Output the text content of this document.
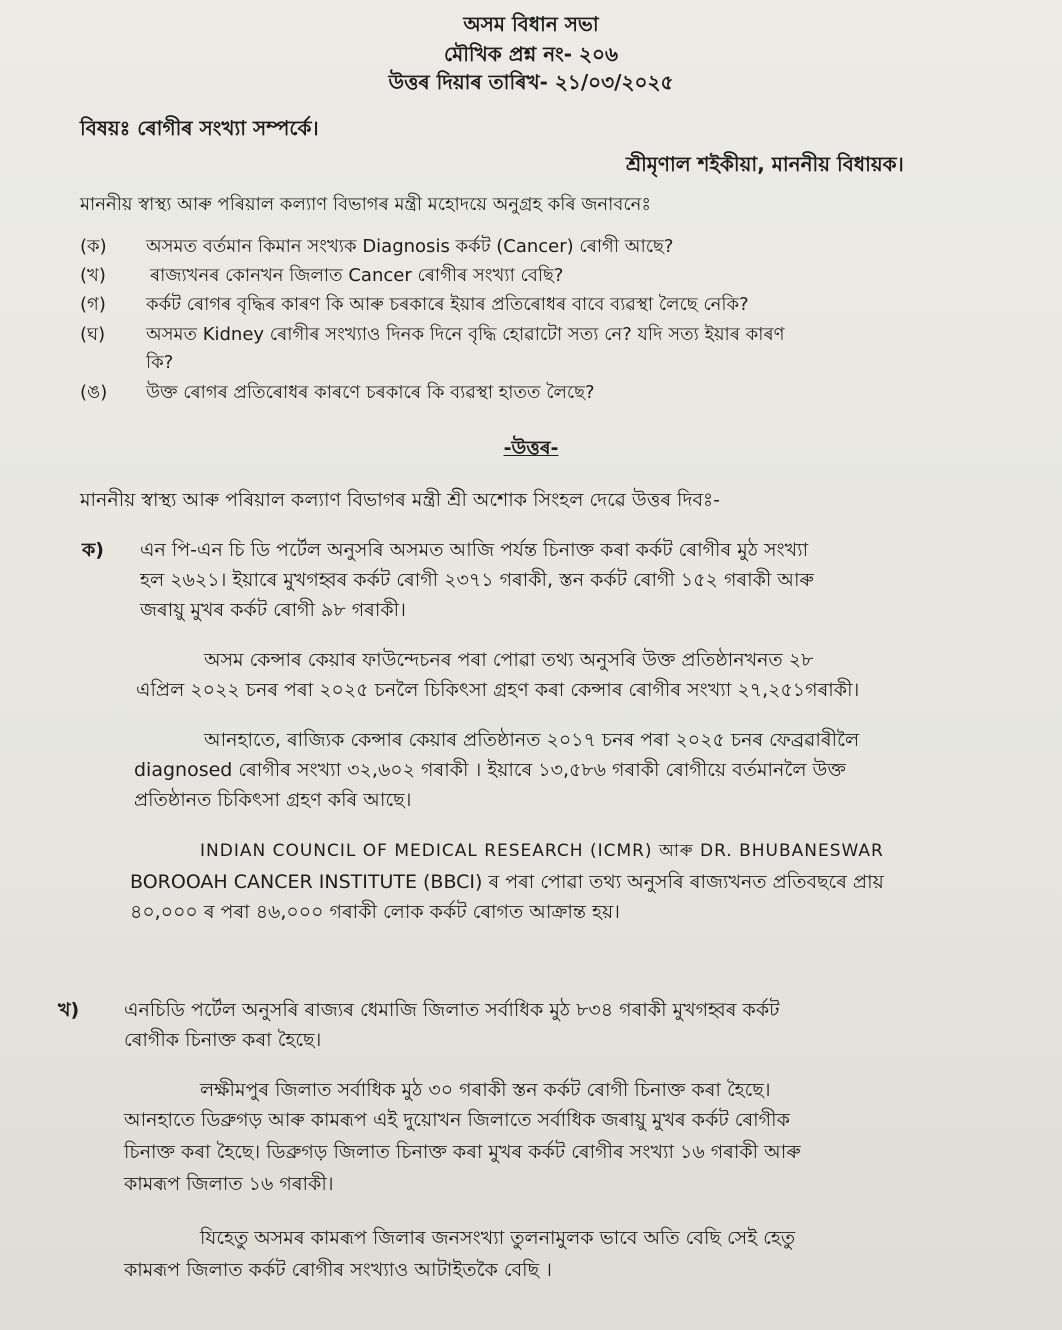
অসম বিধান সভা
মৌখিক প্ৰশ্ন নং- ২০৬
উত্তৰ দিয়াৰ তাৰিখ- ২১/০৩/২০২৫
বিষয়ঃ ৰোগীৰ সংখ্যা সম্পৰ্কে।
শ্ৰীমৃণাল শইকীয়া, মাননীয় বিধায়ক।
মাননীয় স্বাস্থ্য আৰু পৰিয়াল কল্যাণ বিভাগৰ মন্ত্ৰী মহোদয়ে অনুগ্ৰহ কৰি জনাবনেঃ
(ক) অসমত বৰ্তমান কিমান সংখ্যক Diagnosis কৰ্কট (Cancer) ৰোগী আছে?
(খ) ৰাজ্যখনৰ কোনখন জিলাত Cancer ৰোগীৰ সংখ্যা বেছি?
(গ) কৰ্কট ৰোগৰ বৃদ্ধিৰ কাৰণ কি আৰু চৰকাৰে ইয়াৰ প্ৰতিৰোধৰ বাবে ব্যৱস্থা লৈছে নেকি?
(ঘ) অসমত Kidney ৰোগীৰ সংখ্যাও দিনক দিনে বৃদ্ধি হোৱাটো সত্য নে? যদি সত্য ইয়াৰ কাৰণ
কি?
(ঙ) উক্ত ৰোগৰ প্ৰতিৰোধৰ কাৰণে চৰকাৰে কি ব্যৱস্থা হাতত লৈছে?
-উত্তৰ-
মাননীয় স্বাস্থ্য আৰু পৰিয়াল কল্যাণ বিভাগৰ মন্ত্ৰী শ্ৰী অশোক সিংহল দেৱে উত্তৰ দিবঃ-
ক) এন পি-এন চি ডি পৰ্টেল অনুসৰি অসমত আজি পৰ্যন্ত চিনাক্ত কৰা কৰ্কট ৰোগীৰ মুঠ সংখ্যা
হল ২৬২১। ইয়াৰে মুখগহ্বৰ কৰ্কট ৰোগী ২৩৭১ গৰাকী, স্তন কৰ্কট ৰোগী ১৫২ গৰাকী আৰু
জৰায়ু মুখৰ কৰ্কট ৰোগী ৯৮ গৰাকী।
অসম কেন্সাৰ কেয়াৰ ফাউন্দেচনৰ পৰা পোৱা তথ্য অনুসৰি উক্ত প্ৰতিষ্ঠানখনত ২৮
এপ্ৰিল ২০২২ চনৰ পৰা ২০২৫ চনলৈ চিকিৎসা গ্ৰহণ কৰা কেন্সাৰ ৰোগীৰ সংখ্যা ২৭,২৫১গৰাকী।
আনহাতে, ৰাজ্যিক কেন্সাৰ কেয়াৰ প্ৰতিষ্ঠানত ২০১৭ চনৰ পৰা ২০২৫ চনৰ ফেব্ৰৱাৰীলৈ
diagnosed ৰোগীৰ সংখ্যা ৩২,৬০২ গৰাকী । ইয়াৰে ১৩,৫৮৬ গৰাকী ৰোগীয়ে বৰ্তমানলৈ উক্ত
প্ৰতিষ্ঠানত চিকিৎসা গ্ৰহণ কৰি আছে।
INDIAN COUNCIL OF MEDICAL RESEARCH (ICMR) আৰু DR. BHUBANESWAR
BOROOAH CANCER INSTITUTE (BBCI) ৰ পৰা পোৱা তথ্য অনুসৰি ৰাজ্যখনত প্ৰতিবছৰে প্ৰায়
৪০,০০০ ৰ পৰা ৪৬,০০০ গৰাকী লোক কৰ্কট ৰোগত আক্ৰান্ত হয়।
খ) এনচিডি পৰ্টেল অনুসৰি ৰাজ্যৰ ধেমাজি জিলাত সৰ্বাধিক মুঠ ৮৩৪ গৰাকী মুখগহ্বৰ কৰ্কট
ৰোগীক চিনাক্ত কৰা হৈছে।
লক্ষীমপুৰ জিলাত সৰ্বাধিক মুঠ ৩০ গৰাকী স্তন কৰ্কট ৰোগী চিনাক্ত কৰা হৈছে।
আনহাতে ডিব্ৰুগড় আৰু কামৰূপ এই দুয়োখন জিলাতে সৰ্বাধিক জৰায়ু মুখৰ কৰ্কট ৰোগীক
চিনাক্ত কৰা হৈছে। ডিব্ৰুগড় জিলাত চিনাক্ত কৰা মুখৰ কৰ্কট ৰোগীৰ সংখ্যা ১৬ গৰাকী আৰু
কামৰূপ জিলাত ১৬ গৰাকী।
যিহেতু অসমৰ কামৰূপ জিলাৰ জনসংখ্যা তুলনামুলক ভাবে অতি বেছি সেই হেতু
কামৰূপ জিলাত কৰ্কট ৰোগীৰ সংখ্যাও আটাইতকৈ বেছি ।
